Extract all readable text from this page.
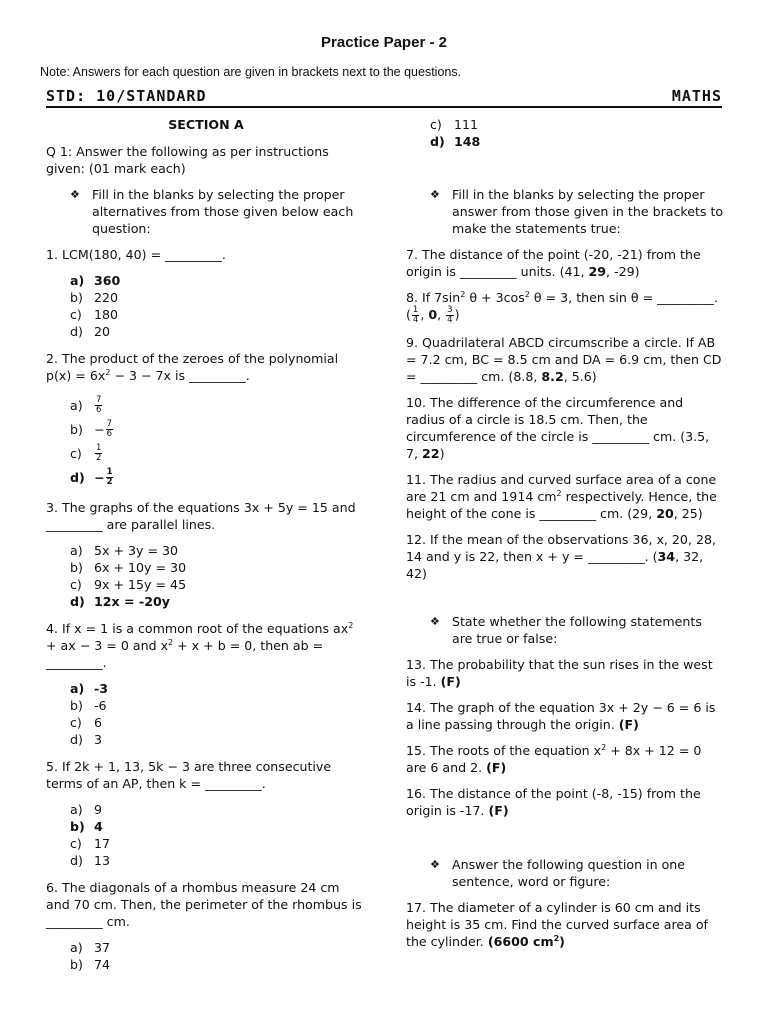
Practice Paper - 2
Note: Answers for each question are given in brackets next to the questions.
STD: 10/STANDARD	MATHS
SECTION A

Q 1: Answer the following as per instructions given: (01 mark each)

❖ Fill in the blanks by selecting the proper alternatives from those given below each question:

1. LCM(180, 40) = _________.

a) 360
b) 220
c) 180
d) 20

2. The product of the zeroes of the polynomial $p(x) = 6x^2 - 3 - 7x$ is _________.

a)	7
6
$b) - \frac{7}{6}$
c)	1
2
$d) - \frac{1}{2}$

3. The graphs of the equations 3x + 5y = 15 and _________ are parallel lines.

a) 5x + 3y = 30
b) 6x + 10y = 30
c) 9x + 15y = 45
d) 12x = -20y

4. If x = 1 is a common root of the equations $ax^2$ + ax − 3 = 0 and $x^2 + x + b = 0$, then ab = _________.

a) -3
b) -6
c) 6
d) 3

5. If 2k + 1, 13, 5k − 3 are three consecutive terms of an AP, then k = _________.

a) 9
b) 4
c) 17
d) 13

6. The diagonals of a rhombus measure 24 cm and 70 cm. Then, the perimeter of the rhombus is _________ cm.

a) 37
b) 74
c) 111
d) 148
❖ Fill in the blanks by selecting the proper answer from those given in the brackets to make the statements true:

7. The distance of the point (-20, -21) from the origin is _________ units. (41, 29, -29)

8. If $7\sin^2$ $\theta + 3\cos^2$ θ = 3, then sin θ = _________. ( $\frac{1}{4}$ , 0, $\frac{3}{4}$ )

9. Quadrilateral ABCD circumscribe a circle. If AB = 7.2 cm, BC = 8.5 cm and DA = 6.9 cm, then CD = _________ cm. (8.8, 8.2, 5.6)

10. The difference of the circumference and radius of a circle is 18.5 cm. Then, the circumference of the circle is _________ cm. (3.5, 7, 22)

11. The radius and curved surface area of a cone are 21 cm and 1914 $cm^2$ respectively. Hence, the height of the cone is _________ cm. (29, 20, 25)

12. If the mean of the observations 36, x, 20, 28, 14 and y is 22, then x + y = _________. (34, 32, 42)

❖ State whether the following statements are true or false:

13. The probability that the sun rises in the west is -1. (F)

14. The graph of the equation 3x + 2y − 6 = 6 is a line passing through the origin. (F)

15. The roots of the equation $x^2 + 8x + 12 = 0$ are 6 and 2. (F)

16. The distance of the point (-8, -15) from the origin is -17. (F)

❖ Answer the following question in one sentence, word or figure:

17. The diameter of a cylinder is 60 cm and its height is 35 cm. Find the curved surface area of the cylinder. (6600 $cm^2$)
